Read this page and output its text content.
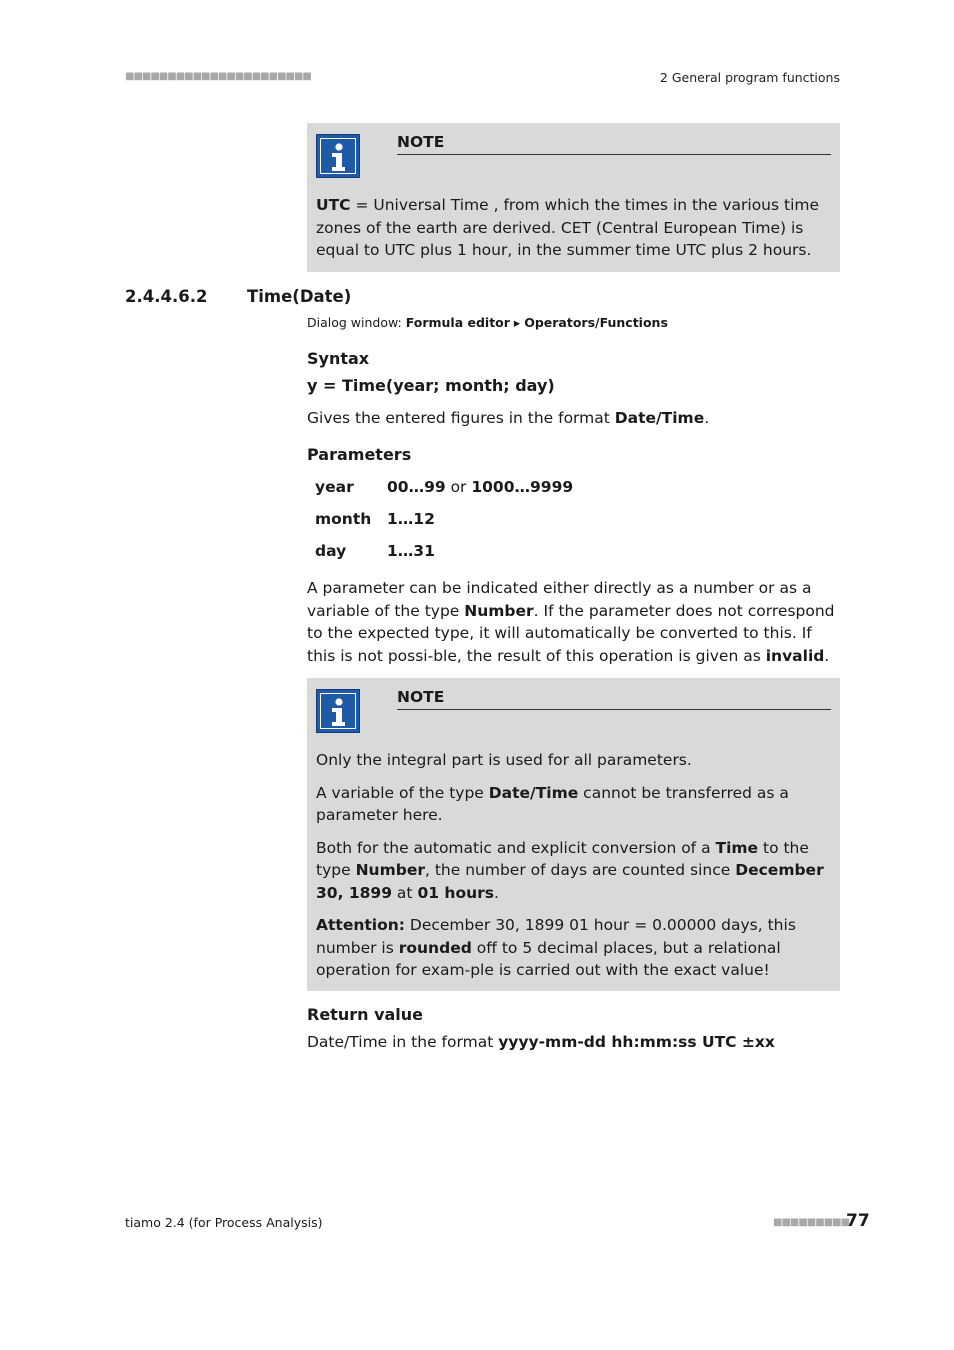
■■■■■■■■■■■■■■■■■■■■■■	2 General program functions
NOTE
UTC = Universal Time , from which the times in the various time zones of the earth are derived. CET (Central European Time) is equal to UTC plus 1 hour, in the summer time UTC plus 2 hours.
2.4.4.6.2 Time(Date)
Dialog window: Formula editor ▸ Operators/Functions
Syntax
y = Time(year; month; day)
Gives the entered figures in the format Date/Time.
Parameters
year 00…99 or 1000…9999
month 1…12
day	1…31
A parameter can be indicated either directly as a number or as a variable of the type Number. If the parameter does not correspond to the expected type, it will automatically be converted to this. If this is not possi-ble, the result of this operation is given as invalid.
NOTE

Only the integral part is used for all parameters.

A variable of the type Date/Time cannot be transferred as a parameter here.

Both for the automatic and explicit conversion of a Time to the type Number, the number of days are counted since December 30, 1899 at 01 hours.

Attention: December 30, 1899 01 hour = 0.00000 days, this number is rounded off to 5 decimal places, but a relational operation for exam-ple is carried out with the exact value!

Return value
Date/Time in the format yyyy-mm-dd hh:mm:ss UTC ±xx
tiamo 2.4 (for Process Analysis)	■■■■■■■■■
77
